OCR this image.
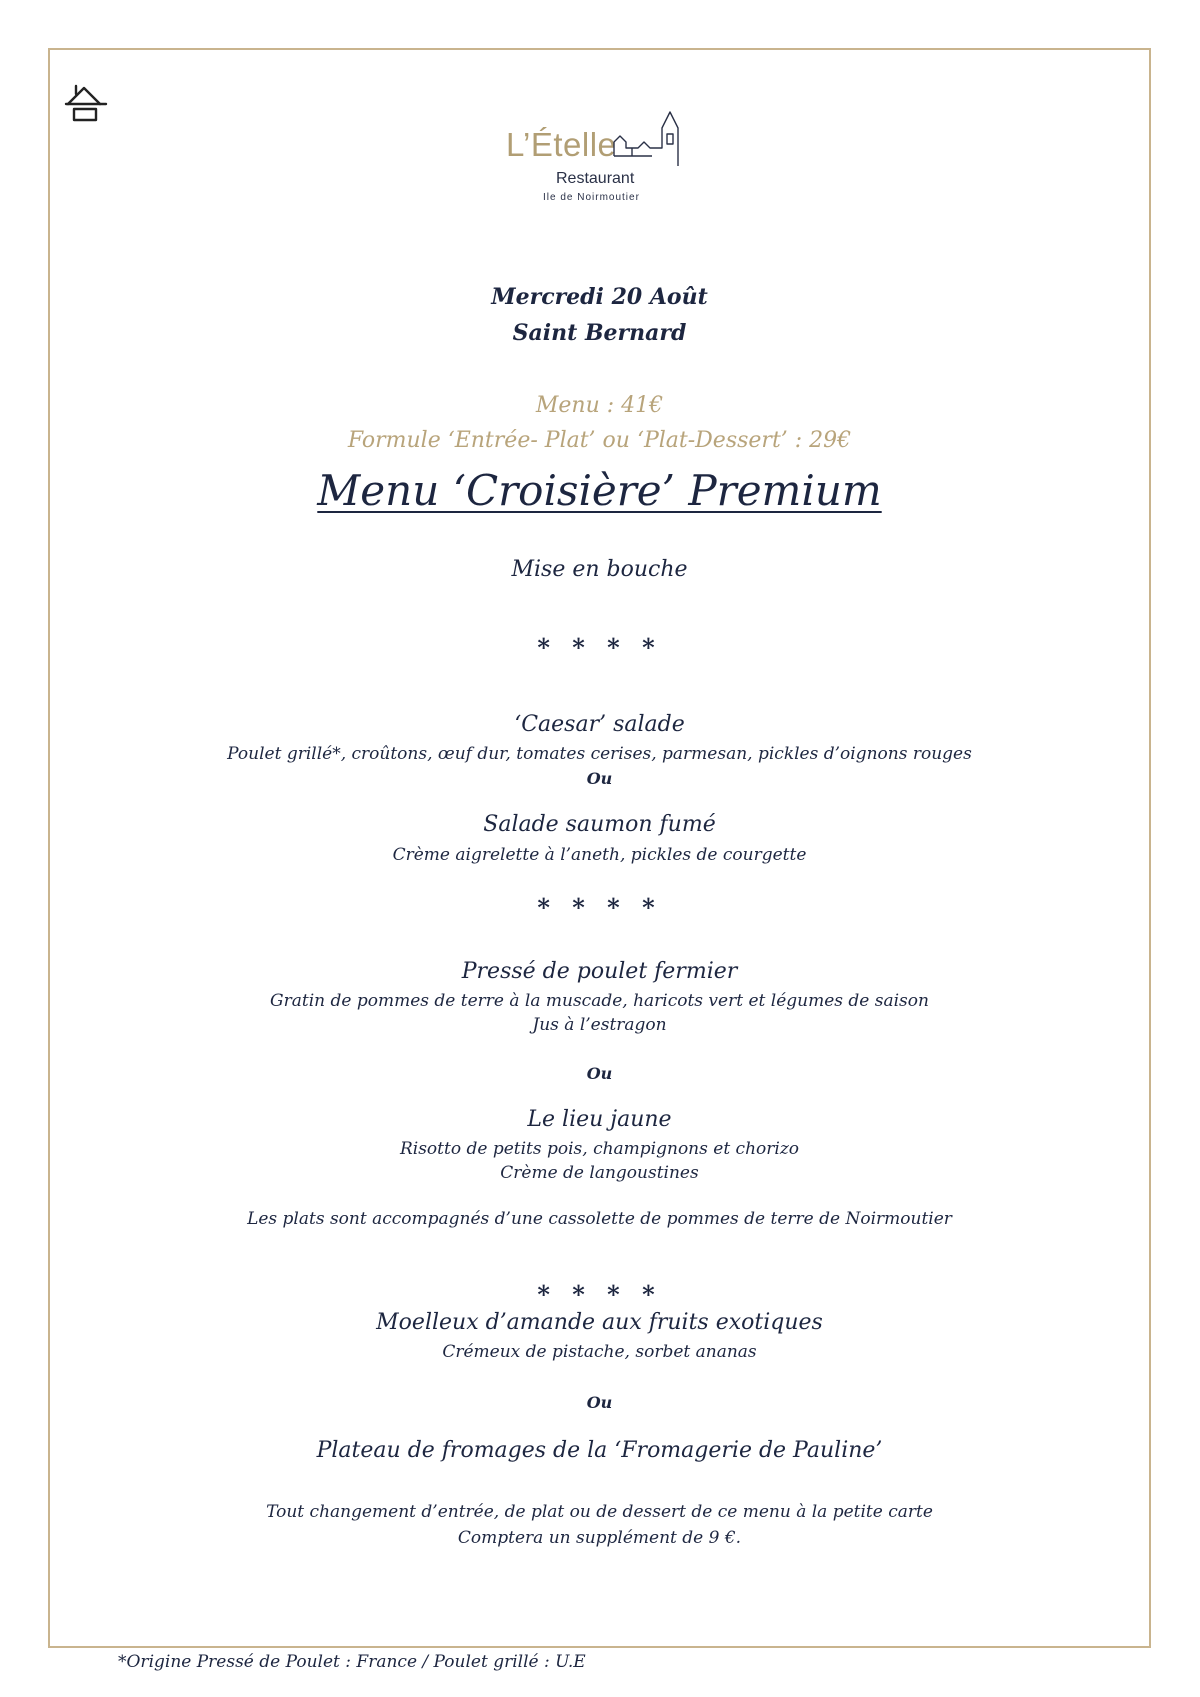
L’Ételle
Restaurant
Ile de Noirmoutier
Mercredi 20 Août
Saint Bernard
Menu : 41€
Formule ‘Entrée- Plat’ ou ‘Plat-Dessert’ : 29€
Menu ‘Croisière’ Premium
Mise en bouche
* * * *
‘Caesar’ salade
Poulet grillé*, croûtons, œuf dur, tomates cerises, parmesan, pickles d’oignons rouges
Ou
Salade saumon fumé
Crème aigrelette à l’aneth, pickles de courgette
* * * *
Pressé de poulet fermier
Gratin de pommes de terre à la muscade, haricots vert et légumes de saison
Jus à l’estragon
Ou
Le lieu jaune
Risotto de petits pois, champignons et chorizo
Crème de langoustines
Les plats sont accompagnés d’une cassolette de pommes de terre de Noirmoutier
* * * *
Moelleux d’amande aux fruits exotiques
Crémeux de pistache, sorbet ananas
Ou
Plateau de fromages de la ‘Fromagerie de Pauline’
Tout changement d’entrée, de plat ou de dessert de ce menu à la petite carte
Comptera un supplément de 9 €.
*Origine Pressé de Poulet : France / Poulet grillé : U.E
